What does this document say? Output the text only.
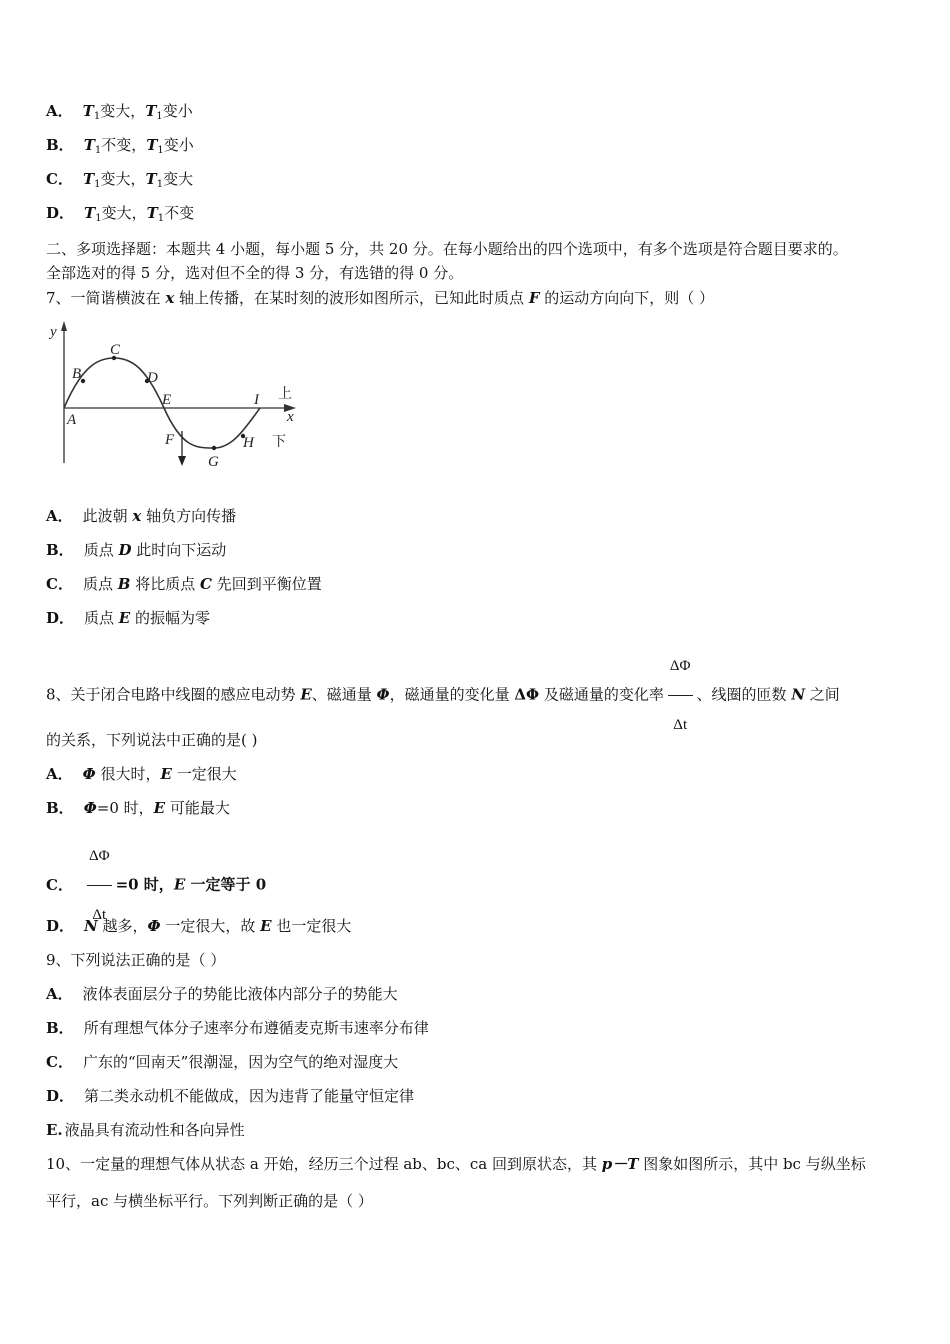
A． $T_1$变大，$T_1$变小
B． $T_1$不变，$T_1$变小
C． $T_1$变大，$T_1$变大
D． $T_1$变大，$T_1$不变
二、多项选择题：本题共 4 小题，每小题 5 分，共 20 分。在每小题给出的四个选项中，有多个选项是符合题目要求的。
全部选对的得 5 分，选对但不全的得 3 分，有选错的得 0 分。
7、一简谐横波在 x 轴上传播，在某时刻的波形如图所示，已知此时质点 F 的运动方向向下，则（ ）
y
x
A
B
C
D
E
F
G
H
I 上
下
A． 此波朝 x 轴负方向传播
B． 质点 D 此时向下运动
C． 质点 B 将比质点 C 先回到平衡位置
D． 质点 E 的振幅为零
8、关于闭合电路中线圈的感应电动势 E、磁通量 Φ，磁通量的变化量 ΔΦ 及磁通量的变化率 $\frac{\Delta\Phi}{\Delta t}$ 、线圈的匝数 N 之间
的关系，下列说法中正确的是( )
A． Φ 很大时，E 一定很大
B． Φ=0 时，E 可能最大
C． $\frac{\Delta\Phi}{\Delta t} =0$ 时，E 一定等于 0
D． N 越多，Φ 一定很大，故 E 也一定很大
9、下列说法正确的是（ ）
A． 液体表面层分子的势能比液体内部分子的势能大
B． 所有理想气体分子速率分布遵循麦克斯韦速率分布律
C． 广东的“回南天”很潮湿，因为空气的绝对湿度大
D． 第二类永动机不能做成，因为违背了能量守恒定律
E. 液晶具有流动性和各向异性
10、一定量的理想气体从状态 a 开始，经历三个过程 ab、bc、ca 回到原状态，其 p－T 图象如图所示，其中 bc 与纵坐标
平行，ac 与横坐标平行。下列判断正确的是（ ）
